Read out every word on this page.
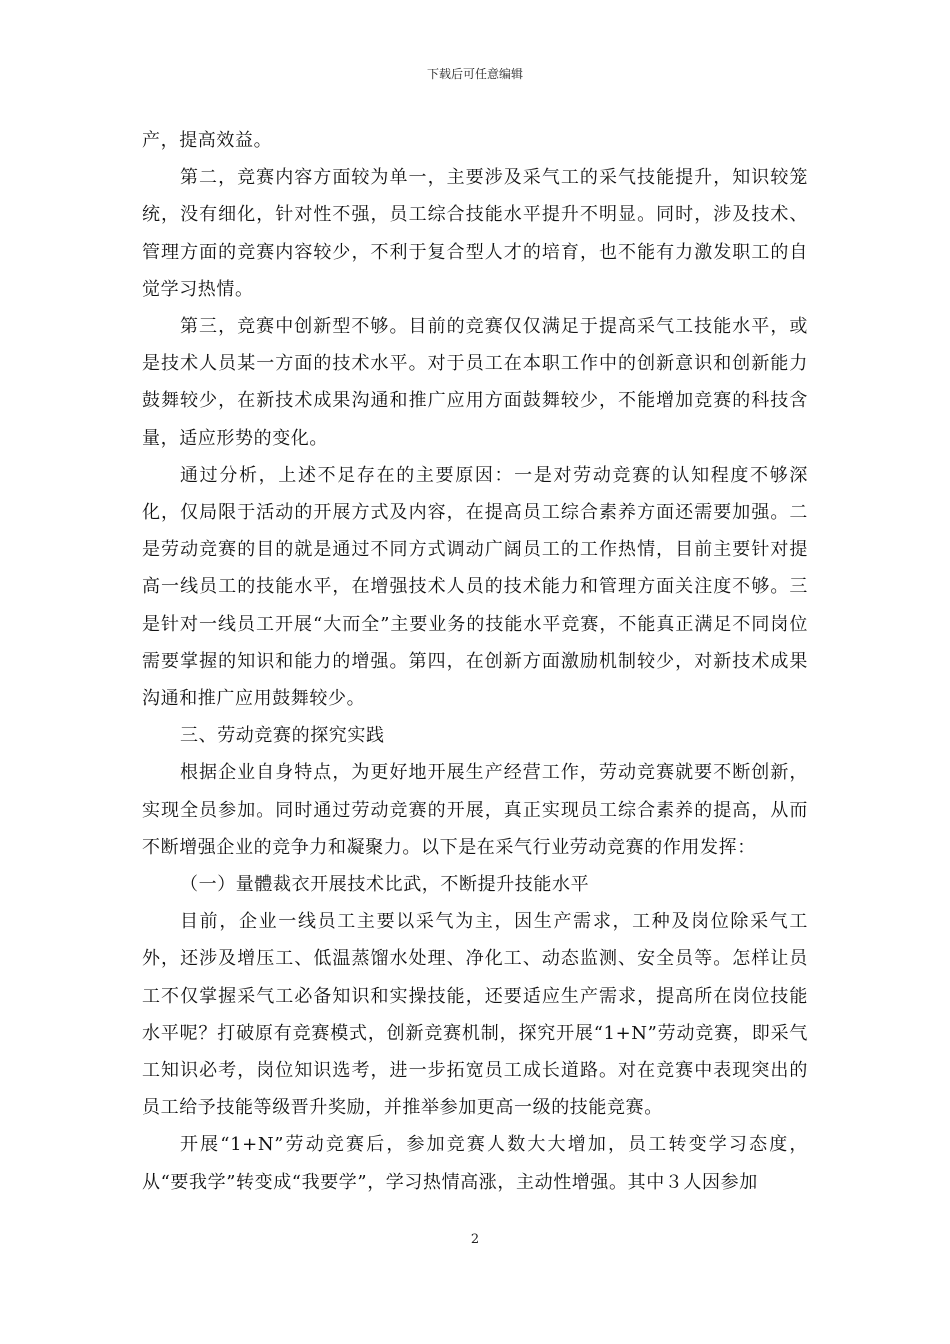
下载后可任意编辑

产，提高效益。

第二，竞赛内容方面较为单一，主要涉及采气工的采气技能提升，知识较笼统，没有细化，针对性不强，员工综合技能水平提升不明显。同时，涉及技术、管理方面的竞赛内容较少，不利于复合型人才的培育，也不能有力激发职工的自觉学习热情。

第三，竞赛中创新型不够。目前的竞赛仅仅满足于提高采气工技能水平，或是技术人员某一方面的技术水平。对于员工在本职工作中的创新意识和创新能力鼓舞较少，在新技术成果沟通和推广应用方面鼓舞较少，不能增加竞赛的科技含量，适应形势的变化。

通过分析，上述不足存在的主要原因：一是对劳动竞赛的认知程度不够深化，仅局限于活动的开展方式及内容，在提高员工综合素养方面还需要加强。二是劳动竞赛的目的就是通过不同方式调动广阔员工的工作热情，目前主要针对提高一线员工的技能水平，在增强技术人员的技术能力和管理方面关注度不够。三是针对一线员工开展“大而全”主要业务的技能水平竞赛，不能真正满足不同岗位需要掌握的知识和能力的增强。第四，在创新方面激励机制较少，对新技术成果沟通和推广应用鼓舞较少。

三、劳动竞赛的探究实践

根据企业自身特点，为更好地开展生产经营工作，劳动竞赛就要不断创新，实现全员参加。同时通过劳动竞赛的开展，真正实现员工综合素养的提高，从而不断增强企业的竞争力和凝聚力。以下是在采气行业劳动竞赛的作用发挥：

（一）量體裁衣开展技术比武，不断提升技能水平

目前，企业一线员工主要以采气为主，因生产需求，工种及岗位除采气工外，还涉及增压工、低温蒸馏水处理、净化工、动态监测、安全员等。怎样让员工不仅掌握采气工必备知识和实操技能，还要适应生产需求，提高所在岗位技能水平呢？打破原有竞赛模式，创新竞赛机制，探究开展“1+N”劳动竞赛，即采气工知识必考，岗位知识选考，进一步拓宽员工成长道路。对在竞赛中表现突出的员工给予技能等级晋升奖励，并推举参加更高一级的技能竞赛。

开展“1+N”劳动竞赛后，参加竞赛人数大大增加，员工转变学习态度，从“要我学”转变成“我要学”，学习热情高涨，主动性增强。其中３人因参加

2
